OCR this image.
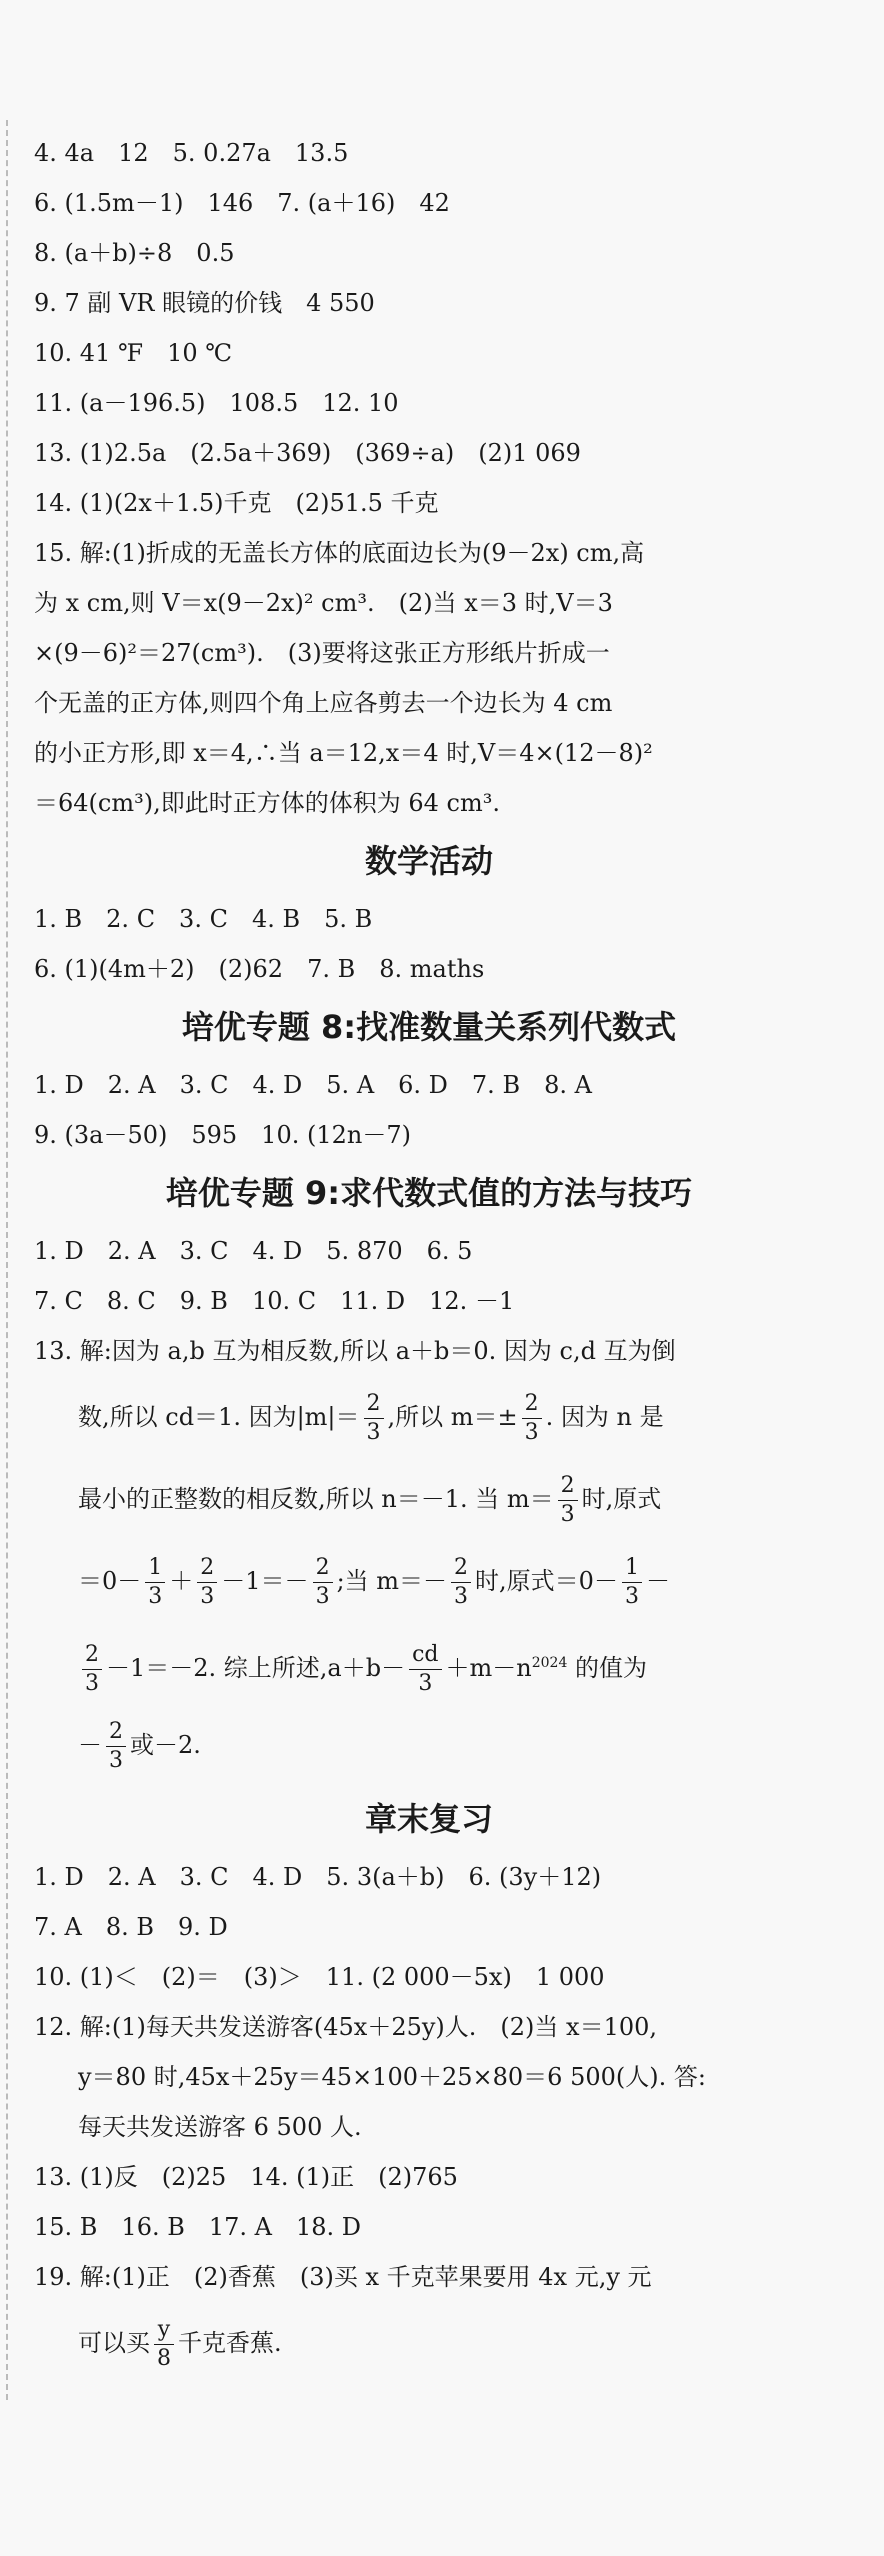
4. 4a　12　5. 0.27a　13.5
6. (1.5m－1)　146　7. (a＋16)　42
8. (a＋b)÷8　0.5
9. 7 副 VR 眼镜的价钱　4 550
10. 41 ℉　10 ℃
11. (a－196.5)　108.5　12. 10
13. (1)2.5a　(2.5a＋369)　(369÷a)　(2)1 069
14. (1)(2x＋1.5)千克　(2)51.5 千克
15. 解:(1)折成的无盖长方体的底面边长为(9－2x) cm,高
为 x cm,则 V＝x(9－2x)² cm³.　(2)当 x＝3 时,V＝3
×(9－6)²＝27(cm³).　(3)要将这张正方形纸片折成一
个无盖的正方体,则四个角上应各剪去一个边长为 4 cm
的小正方形,即 x＝4,∴当 a＝12,x＝4 时,V＝4×(12－8)²
＝64(cm³),即此时正方体的体积为 64 cm³.
数学活动
1. B　2. C　3. C　4. B　5. B
6. (1)(4m＋2)　(2)62　7. B　8. maths
培优专题 8:找准数量关系列代数式
1. D　2. A　3. C　4. D　5. A　6. D　7. B　8. A
9. (3a－50)　595　10. (12n－7)
培优专题 9:求代数式值的方法与技巧
1. D　2. A　3. C　4. D　5. 870　6. 5
7. C　8. C　9. B　10. C　11. D　12. －1
13. 解:因为 a,b 互为相反数,所以 a＋b＝0. 因为 c,d 互为倒
数,所以 cd＝1. 因为$|m|= \frac{2}{3}$ ,所以 $m=\pm \frac{2}{3}$ . 因为 n 是
最小的正整数的相反数,所以 n＝－1. 当 $m= \frac{2}{3}$ 时,原式
$=0- \frac{1}{3} + \frac{2}{3} -1=- \frac{2}{3}$ ;当 $m=- \frac{2}{3}$ 时,原式$=0- \frac{1}{3}$ －
$\frac{2}{3} -1=-2$. 综上所述$,a+b- \frac{cd}{3} +m-n^{2024}$ 的值为
－ $\frac{2}{3}$ 或－2.
章末复习
1. D　2. A　3. C　4. D　5. 3(a＋b)　6. (3y＋12)
7. A　8. B　9. D
10. (1)＜　(2)＝　(3)＞　11. (2 000－5x)　1 000
12. 解:(1)每天共发送游客(45x＋25y)人.　(2)当 x＝100,
y＝80 时,45x＋25y＝45×100＋25×80＝6 500(人). 答:
每天共发送游客 6 500 人.
13. (1)反　(2)25　14. (1)正　(2)765
15. B　16. B　17. A　18. D
19. 解:(1)正　(2)香蕉　(3)买 x 千克苹果要用 4x 元,y 元
可以买 $\frac{y}{8}$ 千克香蕉.
